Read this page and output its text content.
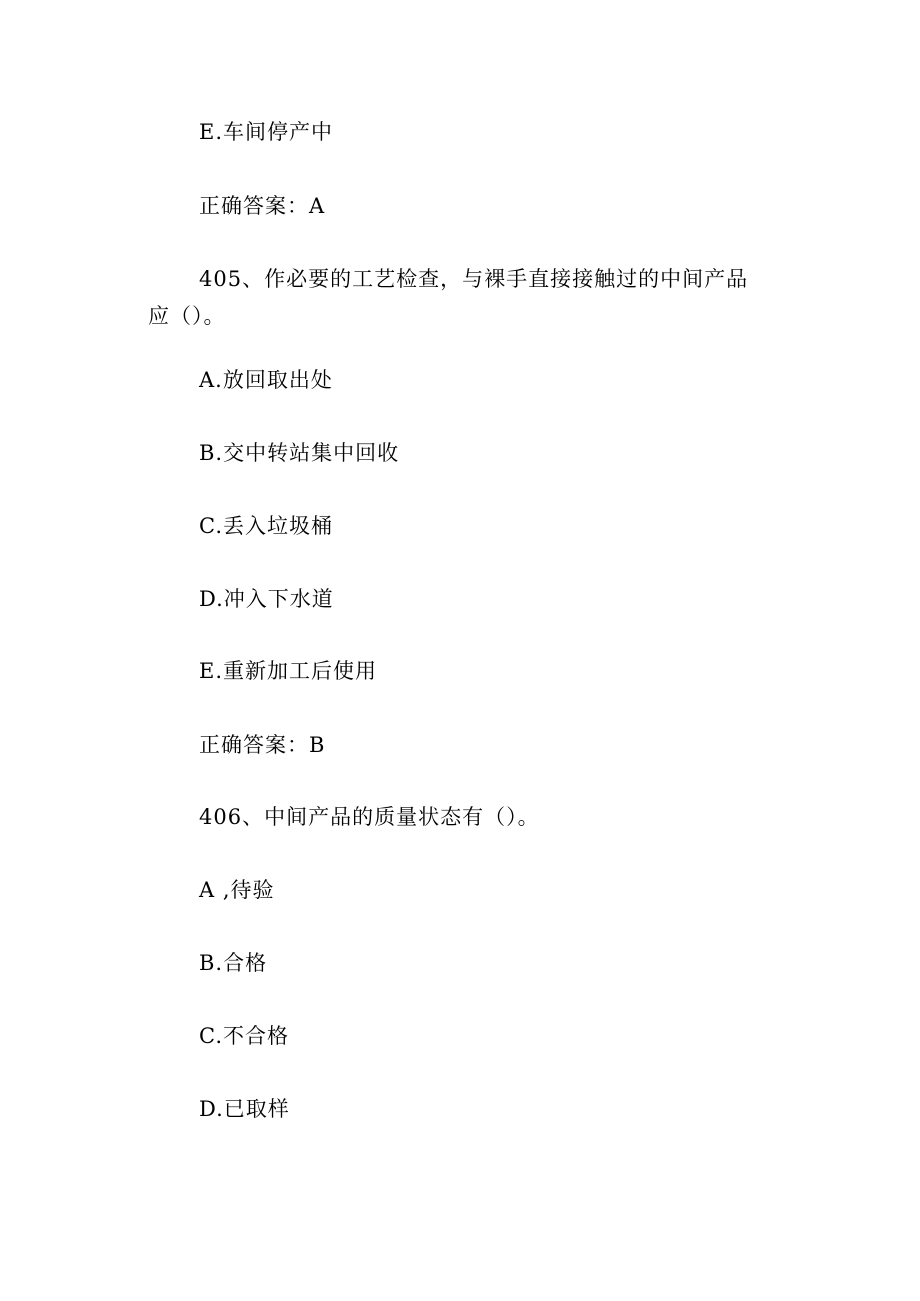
E.车间停产中
正确答案：A
405、作必要的工艺检查，与裸手直接接触过的中间产品应（）。
A.放回取出处
B.交中转站集中回收
C.丢入垃圾桶
D.冲入下水道
E.重新加工后使用
正确答案：B
406、中间产品的质量状态有（）。
A ,待验
B.合格
C.不合格
D.已取样
